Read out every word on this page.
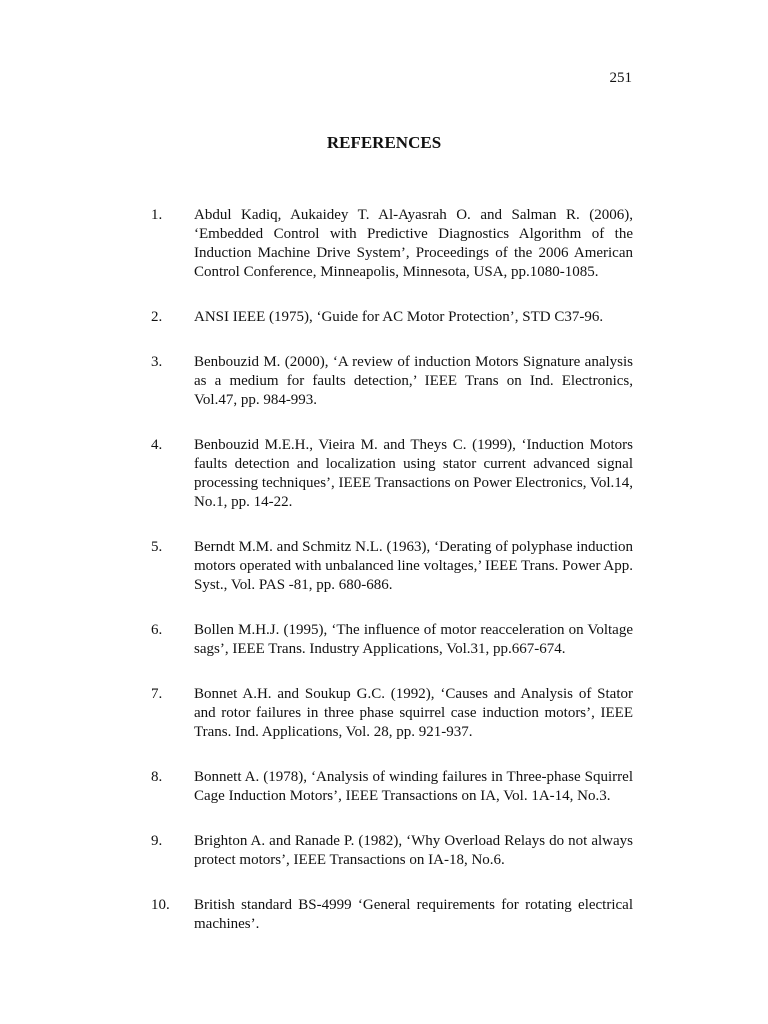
251
REFERENCES
1.	Abdul Kadiq, Aukaidey T. Al-Ayasrah O. and Salman R. (2006), ‘Embedded Control with Predictive Diagnostics Algorithm of the Induction Machine Drive System’, Proceedings of the 2006 American Control Conference, Minneapolis, Minnesota, USA, pp.1080-1085.
2.	ANSI IEEE (1975), ‘Guide for AC Motor Protection’, STD C37-96.
3.	Benbouzid M. (2000), ‘A review of induction Motors Signature analysis as a medium for faults detection,’ IEEE Trans on Ind. Electronics, Vol.47, pp. 984-993.
4.	Benbouzid M.E.H., Vieira M. and Theys C. (1999), ‘Induction Motors faults detection and localization using stator current advanced signal processing techniques’, IEEE Transactions on Power Electronics, Vol.14, No.1, pp. 14-22.
5.	Berndt M.M. and Schmitz N.L. (1963), ‘Derating of polyphase induction motors operated with unbalanced line voltages,’ IEEE Trans. Power App. Syst., Vol. PAS -81, pp. 680-686.
6.	Bollen M.H.J. (1995), ‘The influence of motor reacceleration on Voltage sags’, IEEE Trans. Industry Applications, Vol.31, pp.667-674.
7.	Bonnet A.H. and Soukup G.C. (1992), ‘Causes and Analysis of Stator and rotor failures in three phase squirrel case induction motors’, IEEE Trans. Ind. Applications, Vol. 28, pp. 921-937.
8.	Bonnett A. (1978), ‘Analysis of winding failures in Three-phase Squirrel Cage Induction Motors’, IEEE Transactions on IA, Vol. 1A-14, No.3.
9.	Brighton A. and Ranade P. (1982), ‘Why Overload Relays do not always protect motors’, IEEE Transactions on IA-18, No.6.
10.	British standard BS-4999 ‘General requirements for rotating electrical machines’.
